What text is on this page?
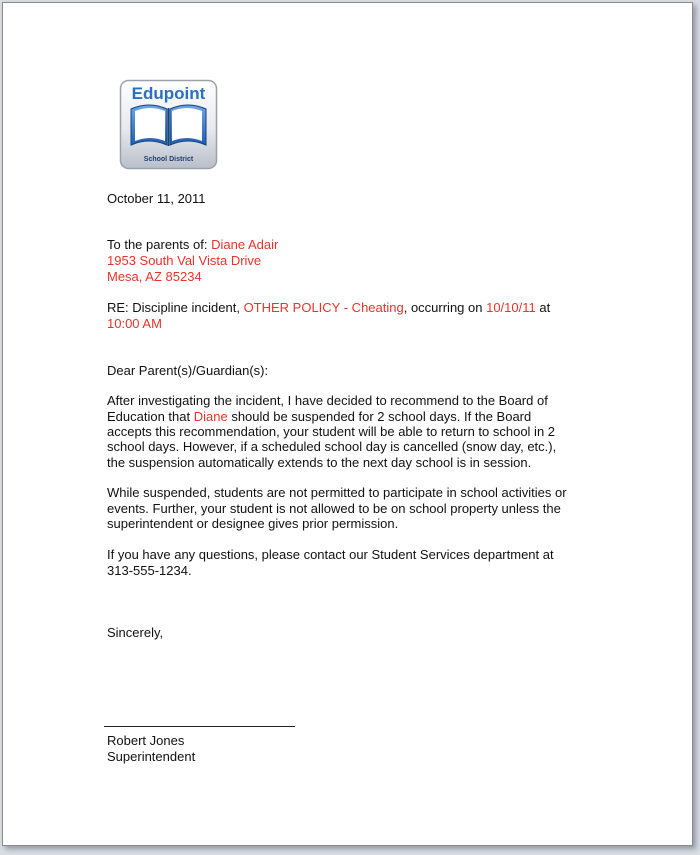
Edupoint
School District

October 11, 2011

To the parents of: Diane Adair

1953 South Val Vista Drive

Mesa, AZ 85234

RE: Discipline incident, OTHER POLICY - Cheating, occurring on 10/10/11 at

10:00 AM

Dear Parent(s)/Guardian(s):

After investigating the incident, I have decided to recommend to the Board of

Education that Diane should be suspended for 2 school days. If the Board

accepts this recommendation, your student will be able to return to school in 2

school days. However, if a scheduled school day is cancelled (snow day, etc.),

the suspension automatically extends to the next day school is in session.

While suspended, students are not permitted to participate in school activities or

events. Further, your student is not allowed to be on school property unless the

superintendent or designee gives prior permission.

If you have any questions, please contact our Student Services department at

313-555-1234.

Sincerely,

Robert Jones

Superintendent
